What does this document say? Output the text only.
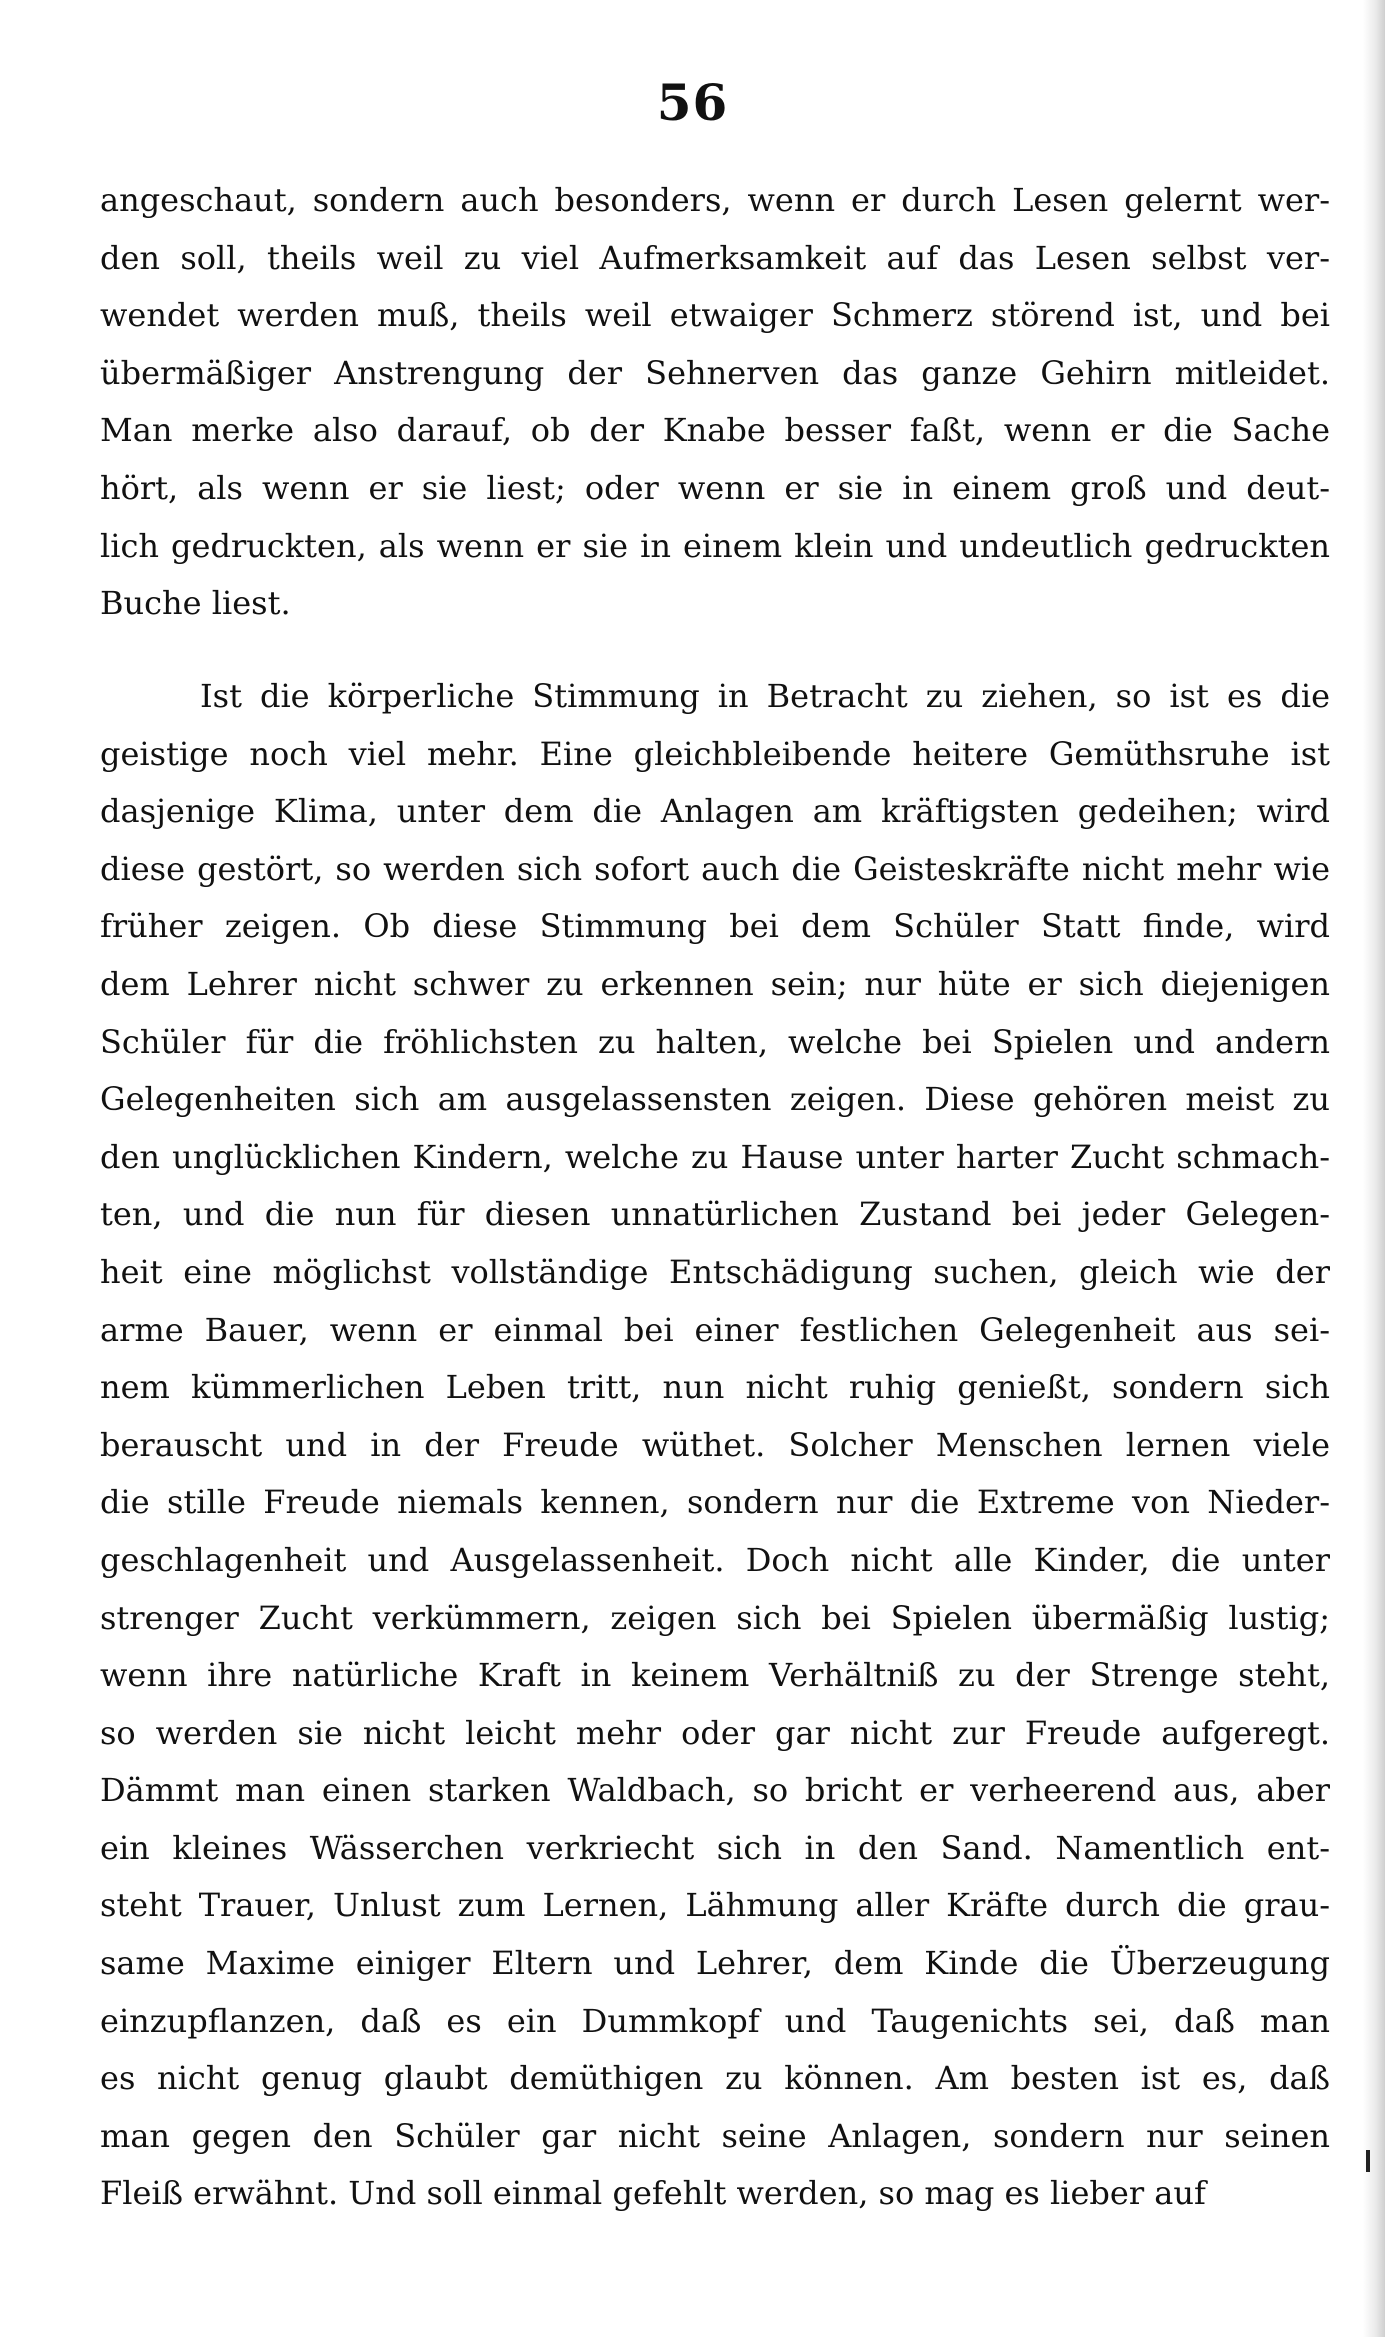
56
angeschaut, sondern auch besonders, wenn er durch Lesen gelernt wer-
den soll, theils weil zu viel Aufmerksamkeit auf das Lesen selbst ver-
wendet werden muß, theils weil etwaiger Schmerz störend ist, und bei
übermäßiger Anstrengung der Sehnerven das ganze Gehirn mitleidet.
Man merke also darauf, ob der Knabe besser faßt, wenn er die Sache
hört, als wenn er sie liest; oder wenn er sie in einem groß und deut-
lich gedruckten, als wenn er sie in einem klein und undeutlich gedruckten
Buche liest.
Ist die körperliche Stimmung in Betracht zu ziehen, so ist es die
geistige noch viel mehr. Eine gleichbleibende heitere Gemüthsruhe ist
dasjenige Klima, unter dem die Anlagen am kräftigsten gedeihen; wird
diese gestört, so werden sich sofort auch die Geisteskräfte nicht mehr wie
früher zeigen. Ob diese Stimmung bei dem Schüler Statt finde, wird
dem Lehrer nicht schwer zu erkennen sein; nur hüte er sich diejenigen
Schüler für die fröhlichsten zu halten, welche bei Spielen und andern
Gelegenheiten sich am ausgelassensten zeigen. Diese gehören meist zu
den unglücklichen Kindern, welche zu Hause unter harter Zucht schmach-
ten, und die nun für diesen unnatürlichen Zustand bei jeder Gelegen-
heit eine möglichst vollständige Entschädigung suchen, gleich wie der
arme Bauer, wenn er einmal bei einer festlichen Gelegenheit aus sei-
nem kümmerlichen Leben tritt, nun nicht ruhig genießt, sondern sich
berauscht und in der Freude wüthet. Solcher Menschen lernen viele
die stille Freude niemals kennen, sondern nur die Extreme von Nieder-
geschlagenheit und Ausgelassenheit. Doch nicht alle Kinder, die unter
strenger Zucht verkümmern, zeigen sich bei Spielen übermäßig lustig;
wenn ihre natürliche Kraft in keinem Verhältniß zu der Strenge steht,
so werden sie nicht leicht mehr oder gar nicht zur Freude aufgeregt.
Dämmt man einen starken Waldbach, so bricht er verheerend aus, aber
ein kleines Wässerchen verkriecht sich in den Sand. Namentlich ent-
steht Trauer, Unlust zum Lernen, Lähmung aller Kräfte durch die grau-
same Maxime einiger Eltern und Lehrer, dem Kinde die Überzeugung
einzupflanzen, daß es ein Dummkopf und Taugenichts sei, daß man
es nicht genug glaubt demüthigen zu können. Am besten ist es, daß
man gegen den Schüler gar nicht seine Anlagen, sondern nur seinen
Fleiß erwähnt. Und soll einmal gefehlt werden, so mag es lieber auf
